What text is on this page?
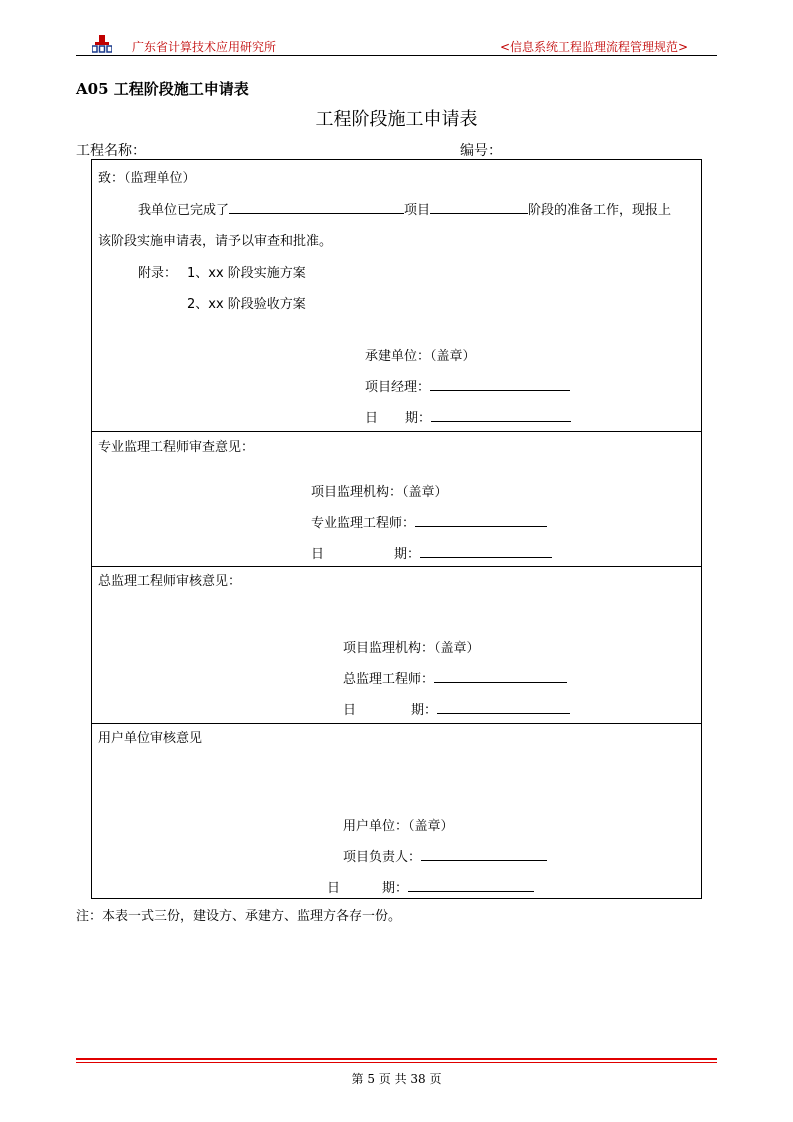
广东省计算技术应用研究所	<信息系统工程监理流程管理规范>
A05 工程阶段施工申请表
工程阶段施工申请表
工程名称：	编号：
致：（监理单位）
我单位已完成了	项目	阶段的准备工作，现报上
该阶段实施申请表，请予以审查和批准。
附录： 1、xx 阶段实施方案
2、xx 阶段验收方案
承建单位：（盖章）
项目经理：
日 期：
专业监理工程师审查意见：
项目监理机构：（盖章）
专业监理工程师：
日	期：
总监理工程师审核意见：
项目监理机构：（盖章）
总监理工程师：
日	期：
用户单位审核意见
用户单位：（盖章）
项目负责人：
日	期：
注：本表一式三份，建设方、承建方、监理方各存一份。
第 5 页 共 38 页
